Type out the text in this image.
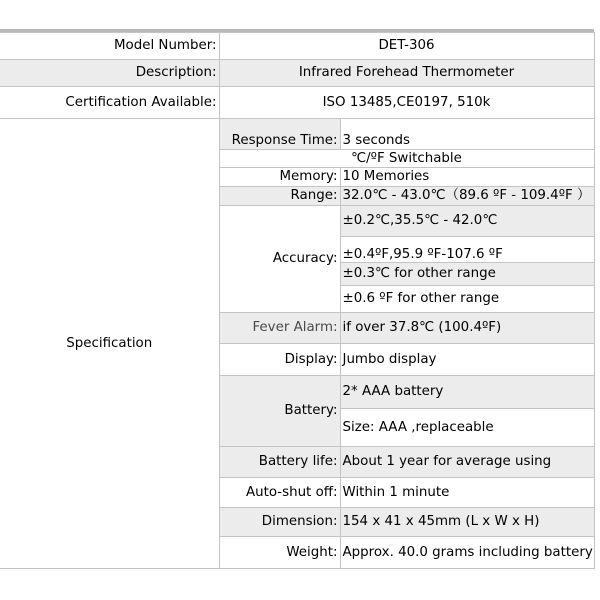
Model Number:	DET-306	
Description:	Infrared Forehead Thermometer	
Certification Available:	ISO 13485,CE0197, 510k	
Specification	Response Time:	3 seconds
	℃/ºF Switchable	
	Memory:	10 Memories
	Range:	32.0℃ - 43.0℃（89.6 ºF - 109.4ºF ）
	Accuracy:	±0.2℃,35.5℃ - 42.0℃
		±0.4ºF,95.9 ºF-107.6 ºF
		±0.3℃ for other range
		±0.6 ºF for other range
	Fever Alarm:	if over 37.8℃ (100.4ºF)
	Display:	Jumbo display
	Battery:	2* AAA battery
		Size: AAA ,replaceable
	Battery life:	About 1 year for average using
	Auto-shut off:	Within 1 minute
	Dimension:	154 x 41 x 45mm (L x W x H)
	Weight:	Approx. 40.0 grams including battery
